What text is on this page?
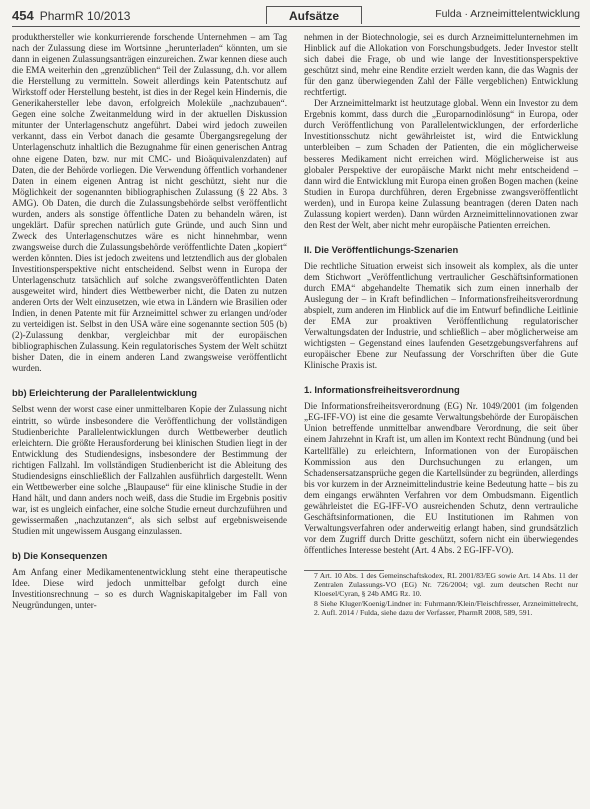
454 PharmR 10/2013	Aufsätze	Fulda · Arzneimittelentwicklung

produkthersteller wie konkurrierende forschende Unternehmen – am Tag nach der Zulassung diese im Wortsinne „herunterladen“ könnten, um sie dann in eigenen Zulassungsanträgen einzureichen. Zwar kennen diese auch die EMA weiterhin den „grenzüblichen“ Teil der Zulassung, d.h. vor allem die Herstellung zu vermitteln. Soweit allerdings kein Patentschutz auf Wirkstoff oder Herstellung besteht, ist dies in der Regel kein Hindernis, die Generikahersteller lebe davon, erfolgreich Moleküle „nachzubauen“. Gegen eine solche Zweitanmeldung wird in der aktuellen Diskussion mitunter der Unterlagenschutz angeführt. Dabei wird jedoch zuweilen verkannt, dass ein Verbot danach die gesamte Übergangsregelung der Unterlagenschutz inhaltlich die Bezugnahme für einen generischen Antrag ohne eigene Daten, bzw. nur mit CMC- und Bioäquivalenzdaten) auf Daten, die der Behörde vorliegen. Die Verwendung öffentlich vorhandener Daten in einem eigenen Antrag ist nicht geschützt, sieht nur die Möglichkeit der sogenannten bibliographischen Zulassung (§ 22 Abs. 3 AMG). Ob Daten, die durch die Zulassungsbehörde selbst veröffentlicht wurden, anders als sonstige öffentliche Daten zu behandeln wären, ist ungeklärt. Dafür sprechen natürlich gute Gründe, und auch Sinn und Zweck des Unterlagenschutzes wäre es nicht hinnehmbar, wenn zwangsweise durch die Zulassungsbehörde veröffentlichte Daten „kopiert“ werden könnten. Dies ist jedoch zweitens und letztendlich aus der globalen Investitionsperspektive nicht entscheidend. Selbst wenn in Europa der Unterlagenschutz tatsächlich auf solche zwangsveröffentlichten Daten ausgeweitet wird, hindert dies Wettbewerber nicht, die Daten zu nutzen anderen Orts der Welt einzusetzen, wie etwa in Ländern wie Brasilien oder Indien, in denen Patente mit für Arzneimittel schwer zu erlangen und/oder zu verteidigen ist. Selbst in den USA wäre eine sogenannte section 505 (b) (2)-Zulassung denkbar, vergleichbar mit der europäischen bibliographischen Zulassung. Kein regulatorisches System der Welt schützt bisher Daten, die in einem anderen Land zwangsweise veröffentlicht wurden.

bb) Erleichterung der Parallelentwicklung

Selbst wenn der worst case einer unmittelbaren Kopie der Zulassung nicht eintritt, so würde insbesondere die Veröffentlichung der vollständigen Studienberichte Parallelentwicklungen durch Wettbewerber deutlich erleichtern. Die größte Herausforderung bei klinischen Studien liegt in der Entwicklung des Studiendesigns, insbesondere der Bestimmung der richtigen Fallzahl. Im vollständigen Studienbericht ist die Ableitung des Studiendesigns einschließlich der Fallzahlen ausführlich dargestellt. Wenn ein Wettbewerber eine solche „Blaupause“ für eine klinische Studie in der Hand hält, und dann anders noch weiß, dass die Studie im Ergebnis positiv war, ist es ungleich einfacher, eine solche Studie erneut durchzuführen und gewissermaßen „nachzutanzen“, als sich selbst auf ergebnisweisende Studien mit ungewissem Ausgang einzulassen.

b) Die Konsequenzen

Am Anfang einer Medikamentenentwicklung steht eine therapeutische Idee. Diese wird jedoch unmittelbar gefolgt durch eine Investitionsrechnung – so es durch Wagniskapitalgeber im Fall von Neugründungen, unter-

nehmen in der Biotechnologie, sei es durch Arzneimittelunternehmen im Hinblick auf die Allokation von Forschungsbudgets. Jeder Investor stellt sich dabei die Frage, ob und wie lange der Investitionsperspektive geschützt sind, mehr eine Rendite erzielt werden kann, die das Wagnis der für den ganz überwiegenden Zahl der Fälle vergeblichen) Entwicklung rechtfertigt.

Der Arzneimittelmarkt ist heutzutage global. Wenn ein Investor zu dem Ergebnis kommt, dass durch die „Europarnodinlösung“ in Europa, oder durch Veröffentlichung von Parallelentwicklungen, der erforderliche Investitionsschutz nicht gewährleistet ist, wird die Entwicklung unterbleiben – zum Schaden der Patienten, die ein möglicherweise besseres Medikament nicht erreichen wird. Möglicherweise ist aus globaler Perspektive der europäische Markt nicht mehr entscheidend – dann wird die Entwicklung mit Europa einen großen Bogen machen (keine Studien in Europa durchführen, deren Ergebnisse zwangsveröffentlicht werden), und in Europa keine Zulassung beantragen (deren Daten nach Zulassung kopiert werden). Dann würden Arzneimittelinnovationen zwar den Rest der Welt, aber nicht mehr europäische Patienten erreichen.

II. Die Veröffentlichungs-Szenarien

Die rechtliche Situation erweist sich insoweit als komplex, als die unter dem Stichwort „Veröffentlichung vertraulicher Geschäftsinformationen durch EMA“ abgehandelte Thematik sich zum einen innerhalb der Auslegung der – in Kraft befindlichen – Informationsfreiheitsverordnung abspielt, zum anderen im Hinblick auf die im Entwurf befindliche Leitlinie der EMA zur proaktiven Veröffentlichung regulatorischer Verwaltungsdaten der Industrie, und schließlich – aber möglicherweise am wichtigsten – Gegenstand eines laufenden Gesetzgebungsverfahrens auf europäischer Ebene zur Neufassung der Vorschriften über die Gute Klinische Praxis ist.

1. Informationsfreiheitsverordnung

Die Informationsfreiheitsverordnung (EG) Nr. 1049/2001 (im folgenden „EG-IFF-VO) ist eine die gesamte Verwaltungsbehörde der Europäischen Union betreffende unmittelbar anwendbare Verordnung, die seit über einem Jahrzehnt in Kraft ist, um allen im Kontext recht Bündnung (und bei Kartellfälle) zu erleichtern, Informationen von der Europäischen Kommission aus den Durchsuchungen zu erlangen, um Schadensersatzansprüche gegen die Kartellsünder zu begründen, allerdings bis vor kurzem in der Arzneimittelindustrie keine Bedeutung hatte – bis zu dem eingangs erwähnten Verfahren vor dem Ombudsmann. Eigentlich gewährleistet die EG-IFF-VO ausreichenden Schutz, denn vertrauliche Geschäftsinformationen, die EU Institutionen im Rahmen von Verwaltungsverfahren oder anderweitig erlangt haben, sind grundsätzlich vor dem Zugriff durch Dritte geschützt, sofern nicht ein überwiegendes öffentliches Interesse besteht (Art. 4 Abs. 2 EG-IFF-VO).

7 Art. 10 Abs. 1 des Gemeinschaftskodex, RL 2001/83/EG sowie Art. 14 Abs. 11 der Zentralen Zulassungs-VO (EG) Nr. 726/2004; vgl. zum deutschen Recht nur Kloesel/Cyran, § 24b AMG Rz. 10.

8 Siehe Kluger/Koenig/Lindner in: Fuhrmann/Klein/Fleischfresser, Arzneimittelrecht, 2. Aufl. 2014 / Fulda, siehe dazu der Verfasser, PharmR 2008, 589, 591.
